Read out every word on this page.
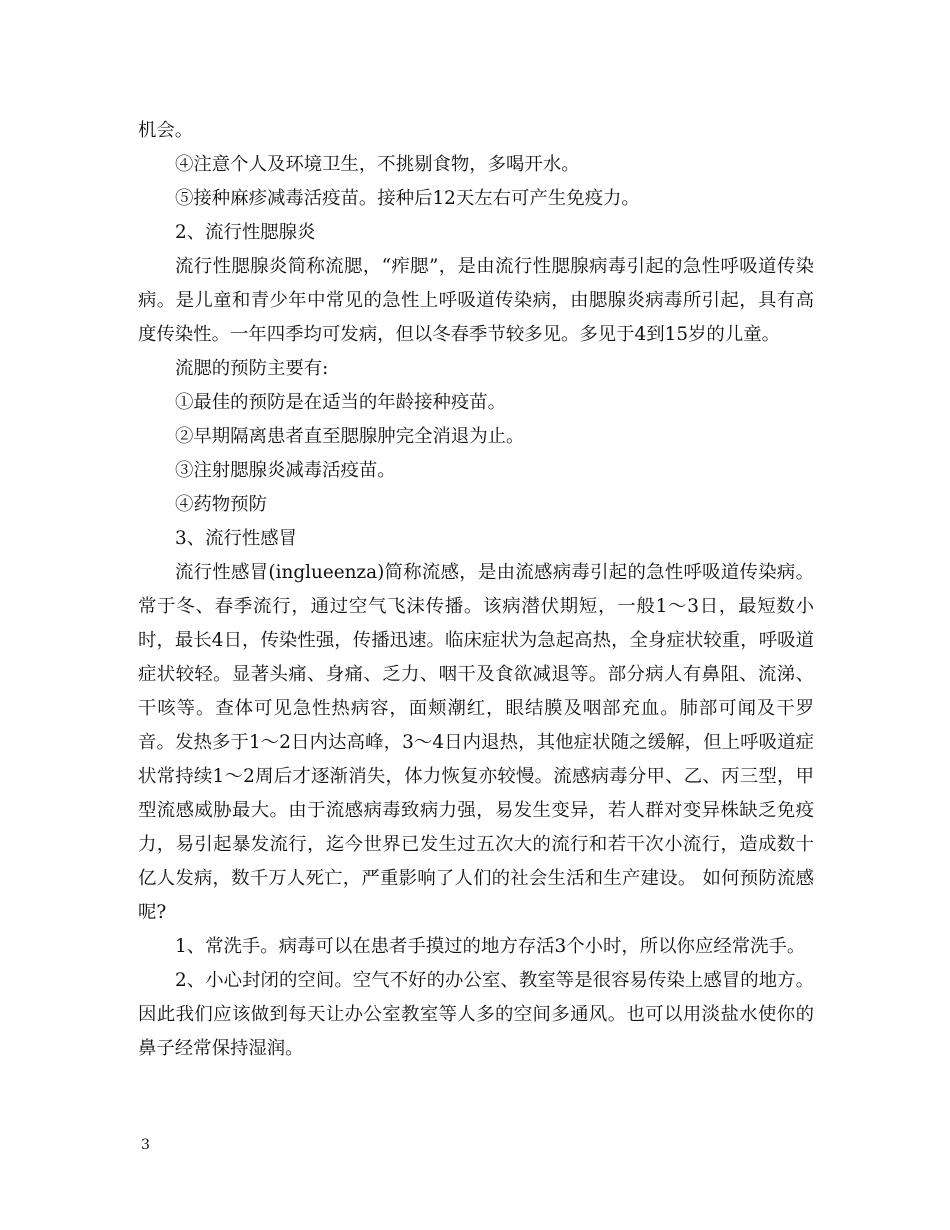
机会。

④注意个人及环境卫生，不挑剔食物，多喝开水。

⑤接种麻疹减毒活疫苗。接种后12天左右可产生免疫力。

2、流行性腮腺炎

流行性腮腺炎简称流腮，“痄腮”，是由流行性腮腺病毒引起的急性呼吸道传染病。是儿童和青少年中常见的急性上呼吸道传染病，由腮腺炎病毒所引起，具有高度传染性。一年四季均可发病，但以冬春季节较多见。多见于4到15岁的儿童。

流腮的预防主要有:

①最佳的预防是在适当的年龄接种疫苗。

②早期隔离患者直至腮腺肿完全消退为止。

③注射腮腺炎减毒活疫苗。

④药物预防

3、流行性感冒

流行性感冒(inglueenza)简称流感，是由流感病毒引起的急性呼吸道传染病。常于冬、春季流行，通过空气飞沫传播。该病潜伏期短，一般1～3日，最短数小时，最长4日，传染性强，传播迅速。临床症状为急起高热，全身症状较重，呼吸道症状较轻。显著头痛、身痛、乏力、咽干及食欲减退等。部分病人有鼻阻、流涕、干咳等。查体可见急性热病容，面颊潮红，眼结膜及咽部充血。肺部可闻及干罗音。发热多于1～2日内达高峰，3～4日内退热，其他症状随之缓解，但上呼吸道症状常持续1～2周后才逐渐消失，体力恢复亦较慢。流感病毒分甲、乙、丙三型，甲型流感威胁最大。由于流感病毒致病力强，易发生变异，若人群对变异株缺乏免疫力，易引起暴发流行，迄今世界已发生过五次大的流行和若干次小流行，造成数十亿人发病，数千万人死亡，严重影响了人们的社会生活和生产建设。 如何预防流感呢?

1、常洗手。病毒可以在患者手摸过的地方存活3个小时，所以你应经常洗手。

2、小心封闭的空间。空气不好的办公室、教室等是很容易传染上感冒的地方。因此我们应该做到每天让办公室教室等人多的空间多通风。也可以用淡盐水使你的鼻子经常保持湿润。

3
